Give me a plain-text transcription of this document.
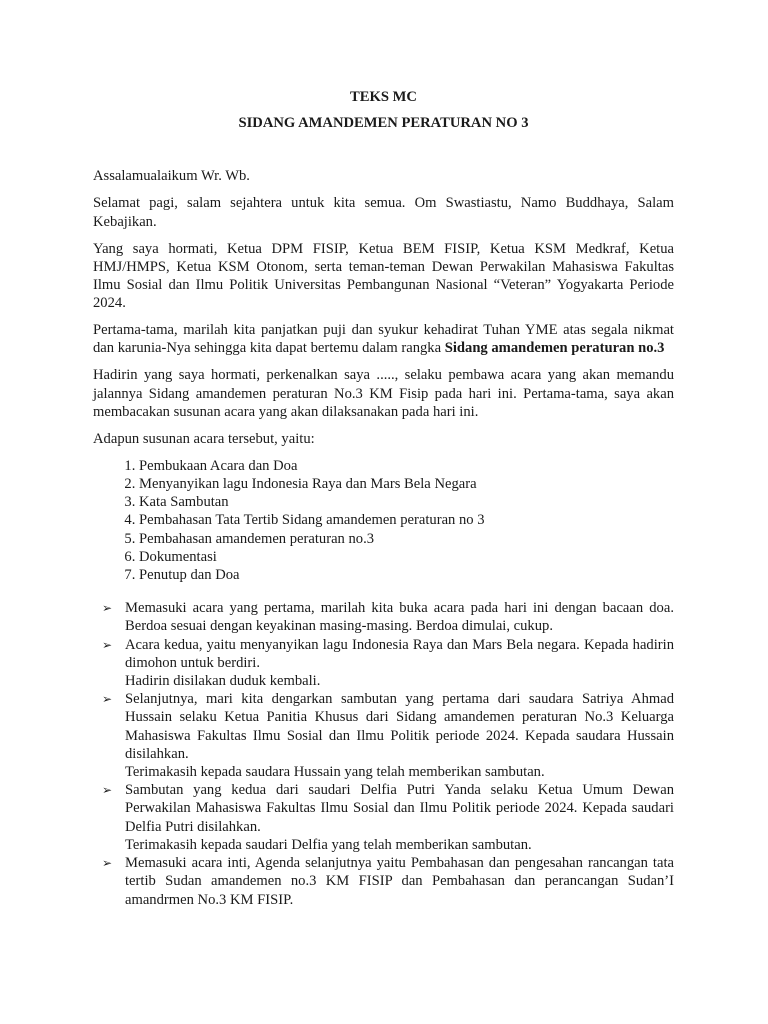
TEKS MC

SIDANG AMANDEMEN PERATURAN NO 3

Assalamualaikum Wr. Wb.

Selamat pagi, salam sejahtera untuk kita semua. Om Swastiastu, Namo Buddhaya, Salam Kebajikan.

Yang saya hormati, Ketua DPM FISIP, Ketua BEM FISIP, Ketua KSM Medkraf, Ketua HMJ/HMPS, Ketua KSM Otonom, serta teman-teman Dewan Perwakilan Mahasiswa Fakultas Ilmu Sosial dan Ilmu Politik Universitas Pembangunan Nasional “Veteran” Yogyakarta Periode 2024.

Pertama-tama, marilah kita panjatkan puji dan syukur kehadirat Tuhan YME atas segala nikmat dan karunia-Nya sehingga kita dapat bertemu dalam rangka Sidang amandemen peraturan no.3

Hadirin yang saya hormati, perkenalkan saya ....., selaku pembawa acara yang akan memandu jalannya Sidang amandemen peraturan No.3 KM Fisip pada hari ini. Pertama-tama, saya akan membacakan susunan acara yang akan dilaksanakan pada hari ini.

Adapun susunan acara tersebut, yaitu:

1. Pembukaan Acara dan Doa
2. Menyanyikan lagu Indonesia Raya dan Mars Bela Negara
3. Kata Sambutan
4. Pembahasan Tata Tertib Sidang amandemen peraturan no 3
5. Pembahasan amandemen peraturan no.3
6. Dokumentasi
7. Penutup dan Doa
➢ Memasuki acara yang pertama, marilah kita buka acara pada hari ini dengan bacaan doa. Berdoa sesuai dengan keyakinan masing-masing. Berdoa dimulai, cukup.
➢ Acara kedua, yaitu menyanyikan lagu Indonesia Raya dan Mars Bela negara. Kepada hadirin dimohon untuk berdiri.
Hadirin disilakan duduk kembali.
➢ Selanjutnya, mari kita dengarkan sambutan yang pertama dari saudara Satriya Ahmad Hussain selaku Ketua Panitia Khusus dari Sidang amandemen peraturan No.3 Keluarga Mahasiswa Fakultas Ilmu Sosial dan Ilmu Politik periode 2024. Kepada saudara Hussain disilahkan.
Terimakasih kepada saudara Hussain yang telah memberikan sambutan.
➢ Sambutan yang kedua dari saudari Delfia Putri Yanda selaku Ketua Umum Dewan Perwakilan Mahasiswa Fakultas Ilmu Sosial dan Ilmu Politik periode 2024. Kepada saudari Delfia Putri disilahkan.
Terimakasih kepada saudari Delfia yang telah memberikan sambutan.
➢ Memasuki acara inti, Agenda selanjutnya yaitu Pembahasan dan pengesahan rancangan tata tertib Sudan amandemen no.3 KM FISIP dan Pembahasan dan perancangan Sudan’I amandrmen No.3 KM FISIP.
